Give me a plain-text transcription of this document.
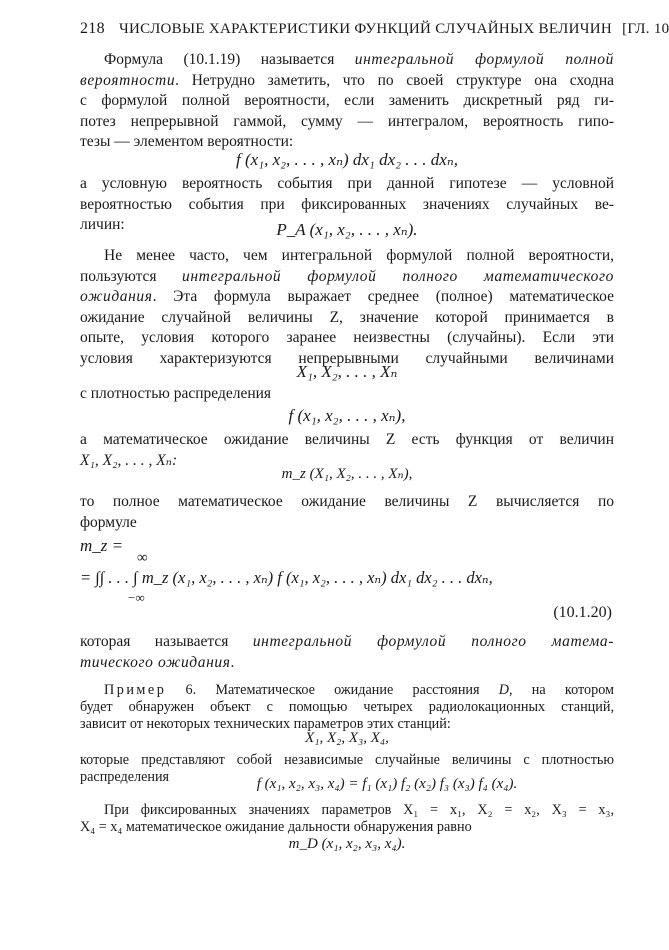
218 ЧИСЛОВЫЕ ХАРАКТЕРИСТИКИ ФУНКЦИЙ СЛУЧАЙНЫХ ВЕЛИЧИН [ГЛ. 10
Формула (10.1.19) называется интегральной формулой полной
вероятности. Нетрудно заметить, что по своей структуре она сходна
с формулой полной вероятности, если заменить дискретный ряд ги-
потез непрерывной гаммой, сумму — интегралом, вероятность гипо-
тезы — элементом вероятности:
f (x₁, x₂, . . . , xₙ) dx₁ dx₂ . . . dxₙ,
а условную вероятность события при данной гипотезе — условной
вероятностью события при фиксированных значениях случайных ве-
личин:	P_A (x₁, x₂, . . . , xₙ).
Не менее часто, чем интегральной формулой полной вероятности,
пользуются интегральной формулой полного математического
ожидания. Эта формула выражает среднее (полное) математическое
ожидание случайной величины Z, значение которой принимается в
опыте, условия которого заранее неизвестны (случайны). Если эти
условия характеризуются непрерывными случайными величинами
X₁, X₂, . . . , Xₙ
с плотностью распределения
f (x₁, x₂, . . . , xₙ),
а математическое ожидание величины Z есть функция от величин
X₁, X₂, . . . , Xₙ:
m_z (X₁, X₂, . . . , Xₙ),
то полное математическое ожидание величины Z вычисляется по
формуле
m_z =
∞
= ∫∫ . . . ∫ m_z (x₁, x₂, . . . , xₙ) f (x₁, x₂, . . . , xₙ) dx₁ dx₂ . . . dxₙ,
−∞
(10.1.20)
которая называется интегральной формулой полного матема-
тического ожидания.
Пример 6. Математическое ожидание расстояния D, на котором
будет обнаружен объект с помощью четырех радиолокационных станций,
зависит от некоторых технических параметров этих станций:
X₁, X₂, X₃, X₄,
которые представляют собой независимые случайные величины с плотностью
распределения	f (x₁, x₂, x₃, x₄) = f₁ (x₁) f₂ (x₂) f₃ (x₃) f₄ (x₄).
При фиксированных значениях параметров X₁ = x₁, X₂ = x₂, X₃ = x₃,
X₄ = x₄ математическое ожидание дальности обнаружения равно
m_D (x₁, x₂, x₃, x₄).
